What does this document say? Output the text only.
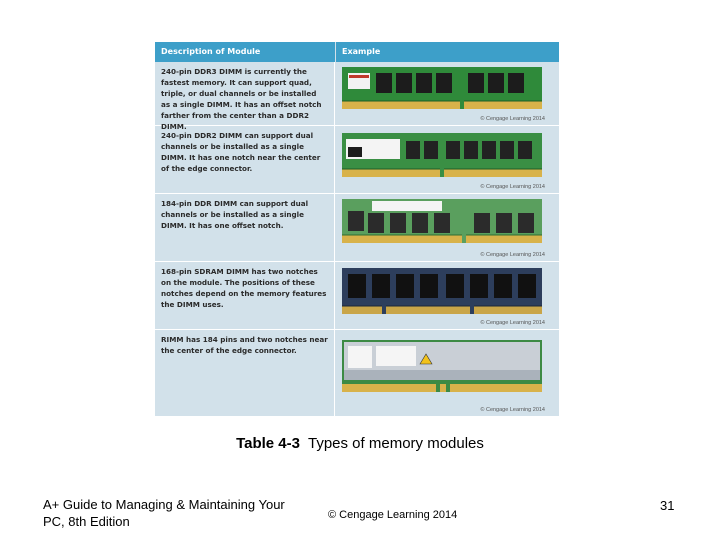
Description of Module	Example
240-pin DDR3 DIMM is currently the fastest memory. It can support quad, triple, or dual channels or be installed as a single DIMM. It has an offset notch farther from the center than a DDR2 DIMM.
© Cengage Learning 2014
240-pin DDR2 DIMM can support dual channels or be installed as a single DIMM. It has one notch near the center of the edge connector.
© Cengage Learning 2014
184-pin DDR DIMM can support dual channels or be installed as a single DIMM. It has one offset notch.
© Cengage Learning 2014
168-pin SDRAM DIMM has two notches on the module. The positions of these notches depend on the memory features the DIMM uses.
© Cengage Learning 2014
RIMM has 184 pins and two notches near the center of the edge connector.
© Cengage Learning 2014
Table 4-3 Types of memory modules
A+ Guide to Managing & Maintaining Your PC, 8th Edition	© Cengage Learning 2014
31
